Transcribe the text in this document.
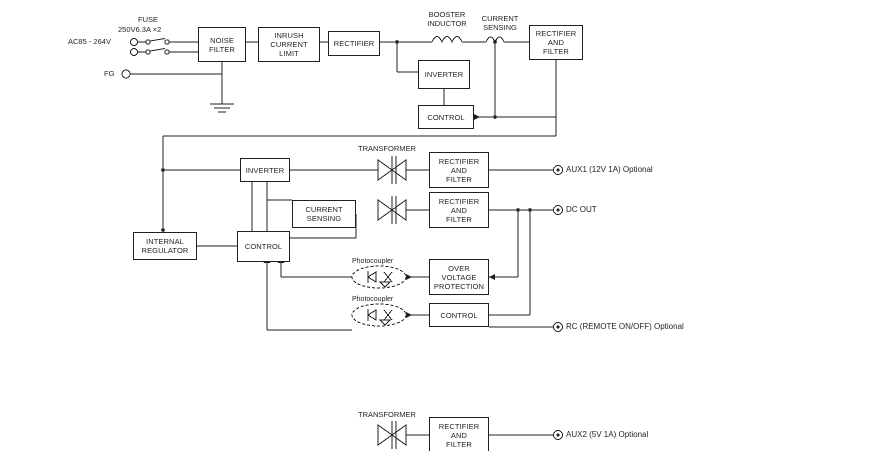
AC85 - 264V
FG
FUSE
250V6.3A ×2
BOOSTER
INDUCTOR
CURRENT
SENSING
TRANSFORMER
TRANSFORMER
Photocoupler
Photocoupler
NOISE
FILTER
INRUSH
CURRENT
LIMIT
RECTIFIER
INVERTER
CONTROL
RECTIFIER
AND
FILTER
INVERTER
CURRENT
SENSING
INTERNAL
REGULATOR	CONTROL
RECTIFIER
AND
FILTER
RECTIFIER
AND
FILTER
OVER
VOLTAGE
PROTECTION
CONTROL
RECTIFIER
AND
FILTER
AUX1 (12V 1A) Optional
DC OUT
RC (REMOTE ON/OFF) Optional
AUX2 (5V 1A) Optional
